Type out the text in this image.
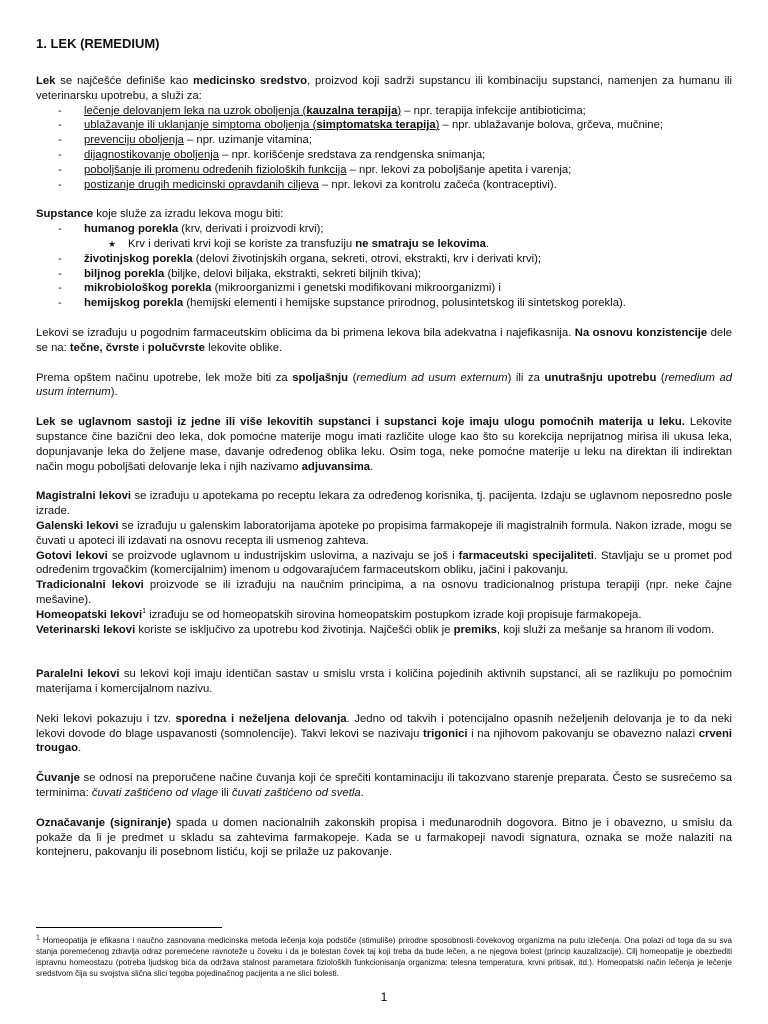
1. LEK (REMEDIUM)

Lek se najčešće definiše kao medicinsko sredstvo, proizvod koji sadrži supstancu ili kombinaciju supstanci, namenjen za humanu ili veterinarsku upotrebu, a služi za:

- lečenje delovanjem leka na uzrok oboljenja (kauzalna terapija) – npr. terapija infekcije antibioticima;
- ublažavanje ili uklanjanje simptoma oboljenja (simptomatska terapija) – npr. ublažavanje bolova, grčeva, mučnine;
- prevenciju oboljenja – npr. uzimanje vitamina;
- dijagnostikovanje oboljenja – npr. korišćenje sredstava za rendgenska snimanja;
- poboljšanje ili promenu određenih fizioloških funkcija – npr. lekovi za poboljšanje apetita i varenja;
- postizanje drugih medicinski opravdanih ciljeva – npr. lekovi za kontrolu začeća (kontraceptivi).

Supstance koje služe za izradu lekova mogu biti:

- humanog porekla (krv, derivati i proizvodi krvi);
★ Krv i derivati krvi koji se koriste za transfuziju ne smatraju se lekovima.
- životinjskog porekla (delovi životinjskih organa, sekreti, otrovi, ekstrakti, krv i derivati krvi);
- biljnog porekla (biljke, delovi biljaka, ekstrakti, sekreti biljnih tkiva);
- mikrobiološkog porekla (mikroorganizmi i genetski modifikovani mikroorganizmi) i
- hemijskog porekla (hemijski elementi i hemijske supstance prirodnog, polusintetskog ili sintetskog porekla).

Lekovi se izrađuju u pogodnim farmaceutskim oblicima da bi primena lekova bila adekvatna i najefikasnija. Na osnovu konzistencije dele se na: tečne, čvrste i polučvrste lekovite oblike.

Prema opštem načinu upotrebe, lek može biti za spoljašnju (remedium ad usum externum) ili za unutrašnju upotrebu (remedium ad usum internum).

Lek se uglavnom sastoji iz jedne ili više lekovitih supstanci i supstanci koje imaju ulogu pomoćnih materija u leku. Lekovite supstance čine bazični deo leka, dok pomoćne materije mogu imati različite uloge kao što su korekcija neprijatnog mirisa ili ukusa leka, dopunjavanje leka do željene mase, davanje određenog oblika leku. Osim toga, neke pomoćne materije u leku na direktan ili indirektan način mogu poboljšati delovanje leka i njih nazivamo adjuvansima.

Magistralni lekovi se izrađuju u apotekama po receptu lekara za određenog korisnika, tj. pacijenta. Izdaju se uglavnom neposredno posle izrade.

Galenski lekovi se izrađuju u galenskim laboratorijama apoteke po propisima farmakopeje ili magistralnih formula. Nakon izrade, mogu se čuvati u apoteci ili izdavati na osnovu recepta ili usmenog zahteva.

Gotovi lekovi se proizvode uglavnom u industrijskim uslovima, a nazivaju se još i farmaceutski specijaliteti. Stavljaju se u promet pod određenim trgovačkim (komercijalnim) imenom u odgovarajućem farmaceutskom obliku, jačini i pakovanju.

Tradicionalni lekovi proizvode se ili izrađuju na naučnim principima, a na osnovu tradicionalnog pristupa terapiji (npr. neke čajne mešavine).

Homeopatski lekovi$^1$ izrađuju se od homeopatskih sirovina homeopatskim postupkom izrade koji propisuje farmakopeja.

Veterinarski lekovi koriste se isključivo za upotrebu kod životinja. Najčešći oblik je premiks, koji služi za mešanje sa hranom ili vodom.

Paralelni lekovi su lekovi koji imaju identičan sastav u smislu vrsta i količina pojedinih aktivnih supstanci, ali se razlikuju po pomoćnim materijama i komercijalnom nazivu.

Neki lekovi pokazuju i tzv. sporedna i neželjena delovanja. Jedno od takvih i potencijalno opasnih neželjenih delovanja je to da neki lekovi dovode do blage uspavanosti (somnolencije). Takvi lekovi se nazivaju trigonici i na njihovom pakovanju se obavezno nalazi crveni trougao.

Čuvanje se odnosi na preporučene načine čuvanja koji će sprečiti kontaminaciju ili takozvano starenje preparata. Često se susrećemo sa terminima: čuvati zaštićeno od vlage ili čuvati zaštićeno od svetla.

Označavanje (signiranje) spada u domen nacionalnih zakonskih propisa i međunarodnih dogovora. Bitno je i obavezno, u smislu da pokaže da li je predmet u skladu sa zahtevima farmakopeje. Kada se u farmakopeji navodi signatura, oznaka se može nalaziti na kontejneru, pakovanju ili posebnom listiću, koji se prilaže uz pakovanje.

$^1$ Homeopatija je efikasna i naučno zasnovana medicinska metoda lečenja koja podstiče (stimuliše) prirodne sposobnosti čovekovog organizma na putu izlečenja. Ona polazi od toga da su sva stanja poremećenog zdravlja odraz poremećene ravnoteže u čoveku i da je bolestan čovek taj koji treba da bude lečen, a ne njegova bolest (princip kauzalizacije). Cilj homeopatije je obezbediti ispravnu homeostazu (potreba ljudskog bića da održava stalnost parametara fizioloških funkcionisanja organizma: telesna temperatura, krvni pritisak, itd.). Homeopatski način lečenja je lečenje sredstvom čija su svojstva slična slici tegoba pojedinačnog pacijenta a ne slici bolesti.
1
